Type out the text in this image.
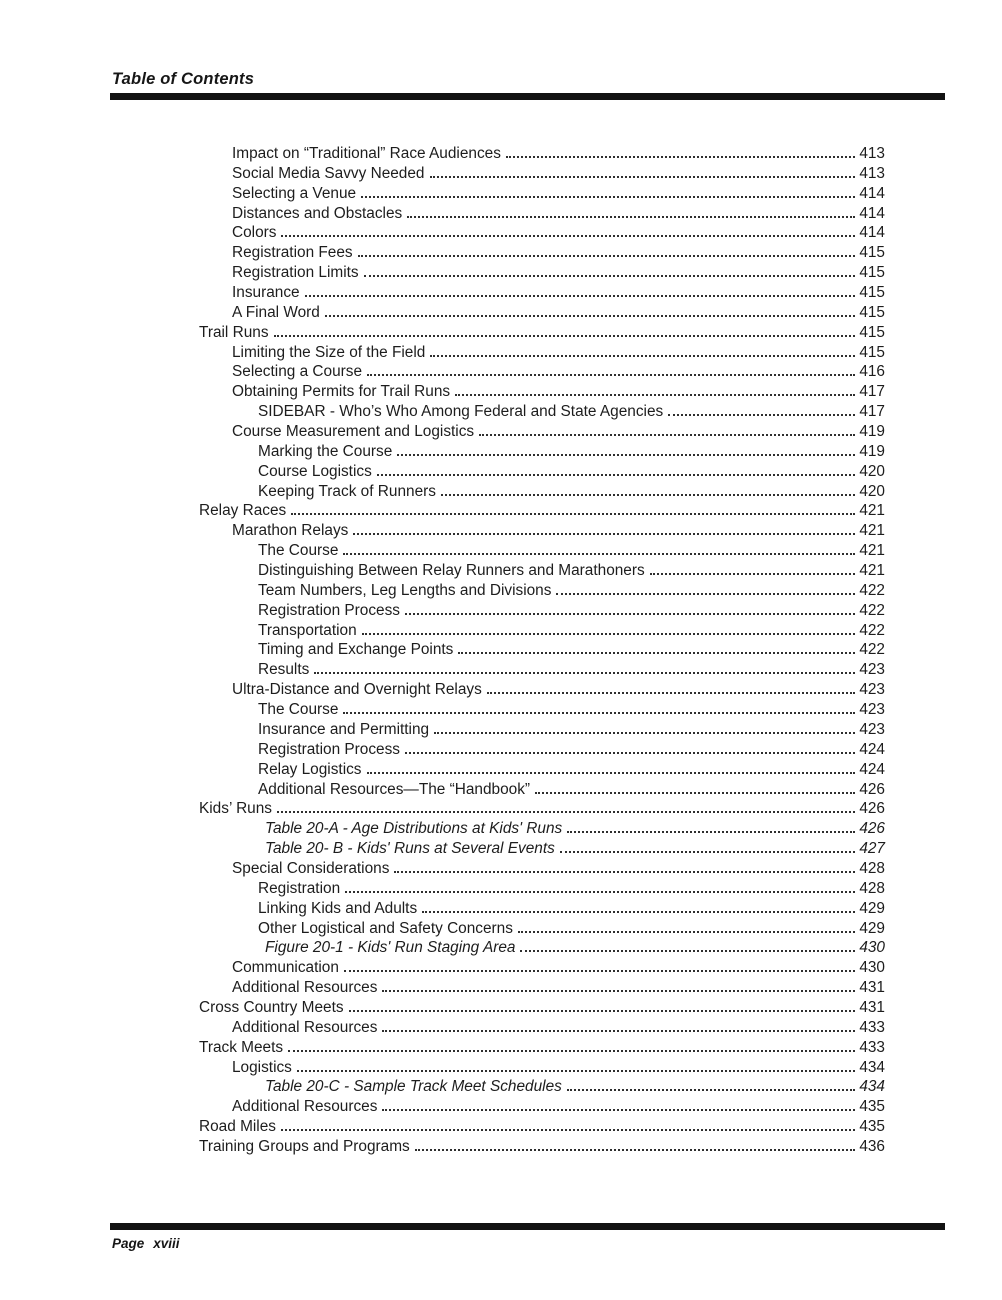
Table of Contents
Impact on “Traditional” Race Audiences	413
Social Media Savvy Needed	413
Selecting a Venue	414
Distances and Obstacles	414
Colors	414
Registration Fees	415
Registration Limits	415
Insurance	415
A Final Word	415
Trail Runs	415
Limiting the Size of the Field	415
Selecting a Course	416
Obtaining Permits for Trail Runs	417
SIDEBAR - Who’s Who Among Federal and State Agencies	417
Course Measurement and Logistics	419
Marking the Course	419
Course Logistics	420
Keeping Track of Runners	420
Relay Races	421
Marathon Relays	421
The Course	421
Distinguishing Between Relay Runners and Marathoners	421
Team Numbers, Leg Lengths and Divisions	422
Registration Process	422
Transportation	422
Timing and Exchange Points	422
Results	423
Ultra-Distance and Overnight Relays	423
The Course	423
Insurance and Permitting	423
Registration Process	424
Relay Logistics	424
Additional Resources—The “Handbook”	426
Kids’ Runs	426
Table 20-A - Age Distributions at Kids' Runs	426
Table 20- B - Kids' Runs at Several Events	427
Special Considerations	428
Registration	428
Linking Kids and Adults	429
Other Logistical and Safety Concerns	429
Figure 20-1 - Kids' Run Staging Area	430
Communication	430
Additional Resources	431
Cross Country Meets	431
Additional Resources	433
Track Meets	433
Logistics	434
Table 20-C - Sample Track Meet Schedules	434
Additional Resources	435
Road Miles	435
Training Groups and Programs	436
Page xviii
